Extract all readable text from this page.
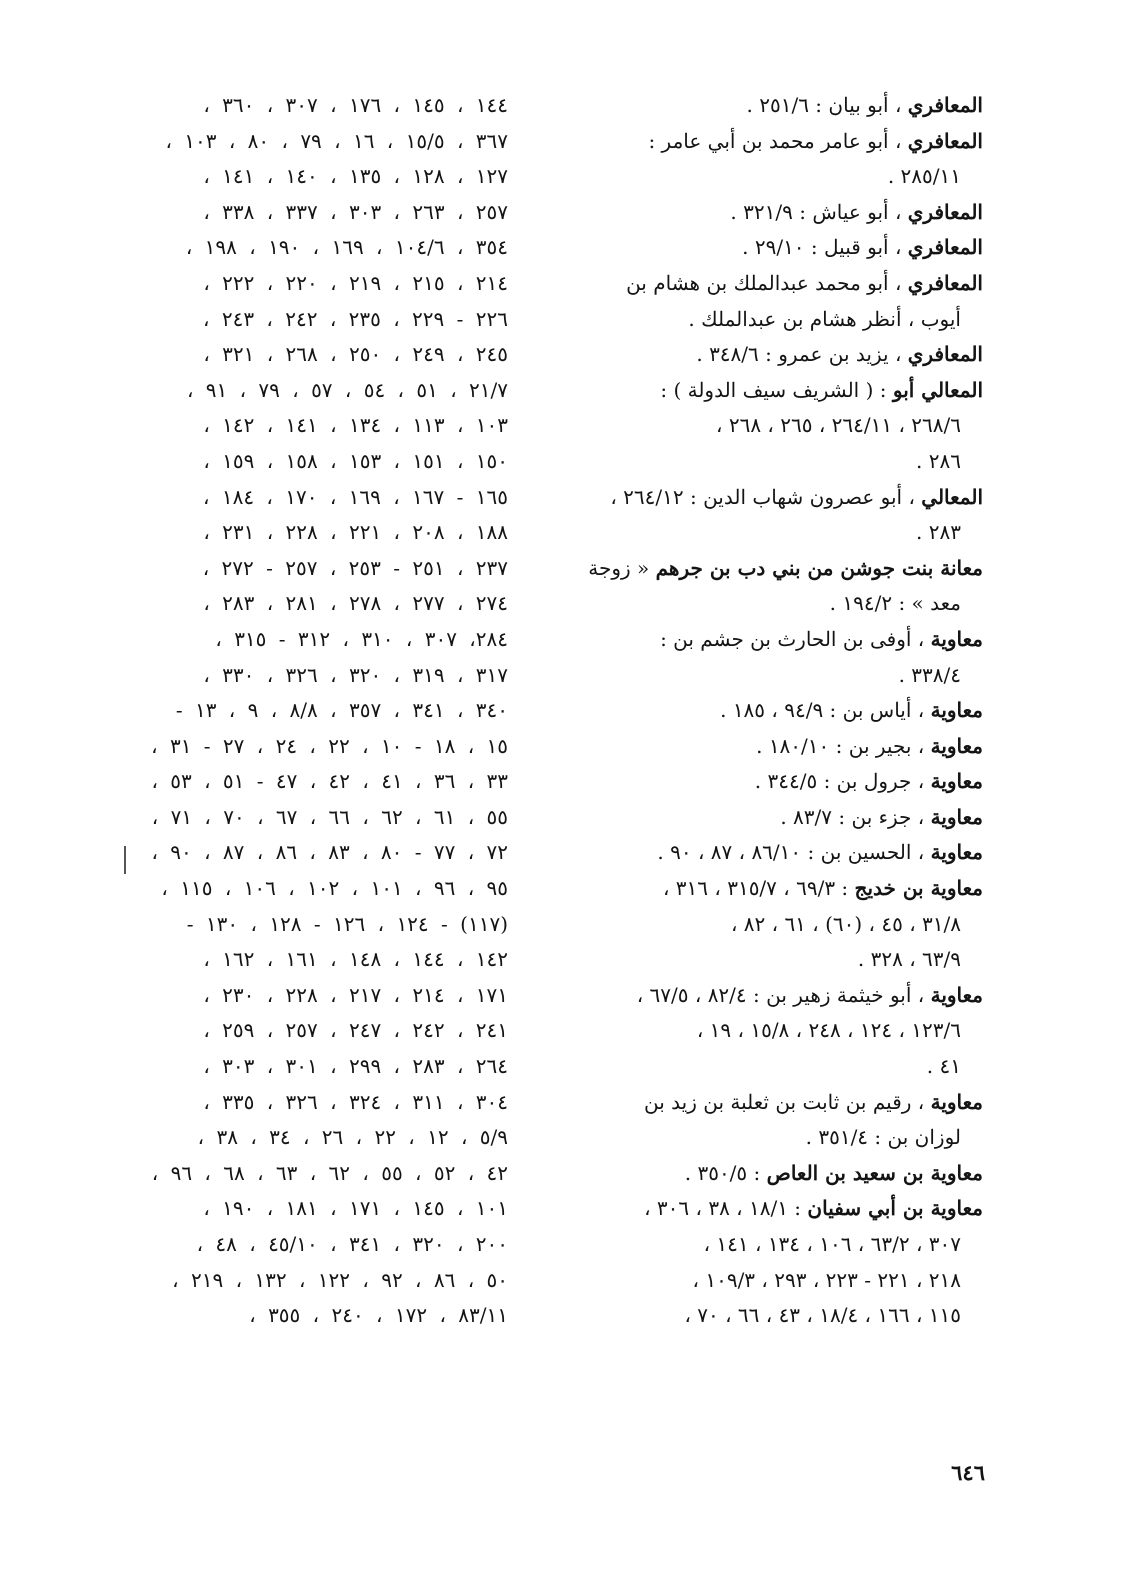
المعافري ، أبو بيان : ٢٥١/٦ .
المعافري ، أبو عامر محمد بن أبي عامر :
٢٨٥/١١ .
المعافري ، أبو عياش : ٣٢١/٩ .
المعافري ، أبو قبيل : ٢٩/١٠ .
المعافري ، أبو محمد عبدالملك بن هشام بن
أيوب ، أنظر هشام بن عبدالملك .
المعافري ، يزيد بن عمرو : ٣٤٨/٦ .
المعالي أبو : ( الشريف سيف الدولة ) :
٢٦٨/٦ ، ٢٦٤/١١ ، ٢٦٥ ، ٢٦٨ ،
٢٨٦ .
المعالي ، أبو عصرون شهاب الدين : ٢٦٤/١٢ ،
٢٨٣ .
معانة بنت جوشن من بني دب بن جرهم « زوجة
معد » : ١٩٤/٢ .
معاوية ، أوفى بن الحارث بن جشم بن :
٣٣٨/٤ .
معاوية ، أياس بن : ٩٤/٩ ، ١٨٥ .
معاوية ، بجير بن : ١٨٠/١٠ .
معاوية ، جرول بن : ٣٤٤/٥ .
معاوية ، جزء بن : ٨٣/٧ .
معاوية ، الحسين بن : ٨٦/١٠ ، ٨٧ ، ٩٠ .
معاوية بن خديج : ٦٩/٣ ، ٣١٥/٧ ، ٣١٦ ،
٣١/٨ ، ٤٥ ، (٦٠) ، ٦١ ، ٨٢ ،
٦٣/٩ ، ٣٢٨ .
معاوية ، أبو خيثمة زهير بن : ٨٢/٤ ، ٦٧/٥ ،
١٢٣/٦ ، ١٢٤ ، ٢٤٨ ، ١٥/٨ ، ١٩ ،
٤١ .
معاوية ، رقيم بن ثابت بن ثعلبة بن زيد بن
لوزان بن : ٣٥١/٤ .
معاوية بن سعيد بن العاص : ٣٥٠/٥ .
معاوية بن أبي سفيان : ١٨/١ ، ٣٨ ، ٣٠٦ ،
٣٠٧ ، ٦٣/٢ ، ١٠٦ ، ١٣٤ ، ١٤١ ،
٢١٨ ، ٢٢١ - ٢٢٣ ، ٢٩٣ ، ١٠٩/٣ ،
١١٥ ، ١٦٦ ، ١٨/٤ ، ٤٣ ، ٦٦ ، ٧٠ ،
١٤٤ ، ١٤٥ ، ١٧٦ ، ٣٠٧ ، ٣٦٠ ،
٣٦٧ ، ١٥/٥ ، ١٦ ، ٧٩ ، ٨٠ ، ١٠٣ ،
١٢٧ ، ١٢٨ ، ١٣٥ ، ١٤٠ ، ١٤١ ،
٢٥٧ ، ٢٦٣ ، ٣٠٣ ، ٣٣٧ ، ٣٣٨ ،
٣٥٤ ، ١٠٤/٦ ، ١٦٩ ، ١٩٠ ، ١٩٨ ،
٢١٤ ، ٢١٥ ، ٢١٩ ، ٢٢٠ ، ٢٢٢ ،
٢٢٦ - ٢٢٩ ، ٢٣٥ ، ٢٤٢ ، ٢٤٣ ،
٢٤٥ ، ٢٤٩ ، ٢٥٠ ، ٢٦٨ ، ٣٢١ ،
٢١/٧ ، ٥١ ، ٥٤ ، ٥٧ ، ٧٩ ، ٩١ ،
١٠٣ ، ١١٣ ، ١٣٤ ، ١٤١ ، ١٤٢ ،
١٥٠ ، ١٥١ ، ١٥٣ ، ١٥٨ ، ١٥٩ ،
١٦٥ - ١٦٧ ، ١٦٩ ، ١٧٠ ، ١٨٤ ،
١٨٨ ، ٢٠٨ ، ٢٢١ ، ٢٢٨ ، ٢٣١ ،
٢٣٧ ، ٢٥١ - ٢٥٣ ، ٢٥٧ - ٢٧٢ ،
٢٧٤ ، ٢٧٧ ، ٢٧٨ ، ٢٨١ ، ٢٨٣ ،
٢٨٤، ٣٠٧ ، ٣١٠ ، ٣١٢ - ٣١٥ ،
٣١٧ ، ٣١٩ ، ٣٢٠ ، ٣٢٦ ، ٣٣٠ ،
٣٤٠ ، ٣٤١ ، ٣٥٧ ، ٨/٨ ، ٩ ، ١٣ -
١٥ ، ١٨ - ١٠ ، ٢٢ ، ٢٤ ، ٢٧ - ٣١ ،
٣٣ ، ٣٦ ، ٤١ ، ٤٢ ، ٤٧ - ٥١ ، ٥٣ ،
٥٥ ، ٦١ ، ٦٢ ، ٦٦ ، ٦٧ ، ٧٠ ، ٧١ ،
٧٢ ، ٧٧ - ٨٠ ، ٨٣ ، ٨٦ ، ٨٧ ، ٩٠ ،
٩٥ ، ٩٦ ، ١٠١ ، ١٠٢ ، ١٠٦ ، ١١٥ ،
(١١٧) - ١٢٤ ، ١٢٦ - ١٢٨ ، ١٣٠ -
١٤٢ ، ١٤٤ ، ١٤٨ ، ١٦١ ، ١٦٢ ،
١٧١ ، ٢١٤ ، ٢١٧ ، ٢٢٨ ، ٢٣٠ ،
٢٤١ ، ٢٤٢ ، ٢٤٧ ، ٢٥٧ ، ٢٥٩ ،
٢٦٤ ، ٢٨٣ ، ٢٩٩ ، ٣٠١ ، ٣٠٣ ،
٣٠٤ ، ٣١١ ، ٣٢٤ ، ٣٢٦ ، ٣٣٥ ،
٥/٩ ، ١٢ ، ٢٢ ، ٢٦ ، ٣٤ ، ٣٨ ،
٤٢ ، ٥٢ ، ٥٥ ، ٦٢ ، ٦٣ ، ٦٨ ، ٩٦ ،
١٠١ ، ١٤٥ ، ١٧١ ، ١٨١ ، ١٩٠ ،
٢٠٠ ، ٣٢٠ ، ٣٤١ ، ٤٥/١٠ ، ٤٨ ،
٥٠ ، ٨٦ ، ٩٢ ، ١٢٢ ، ١٣٢ ، ٢١٩ ،
٨٣/١١ ، ١٧٢ ، ٢٤٠ ، ٣٥٥ ،
٦٤٦
